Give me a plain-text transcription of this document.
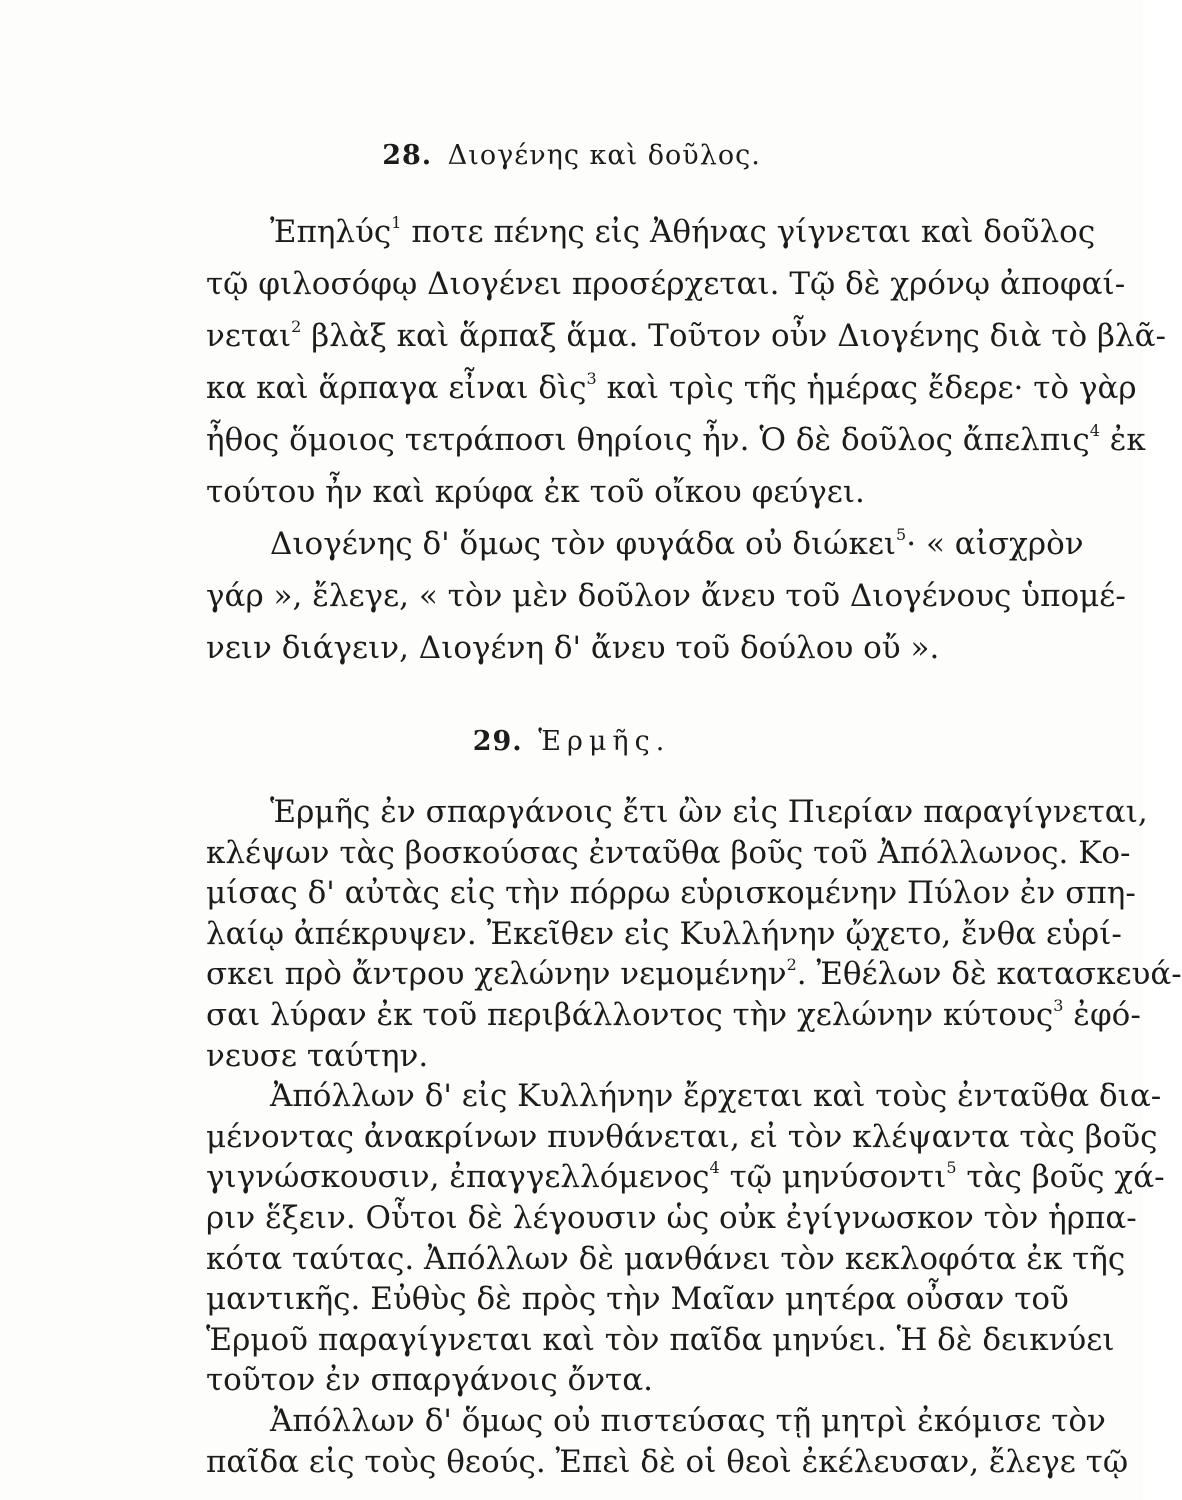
28. Διογένης καὶ δοῦλος.
Ἐπηλύς$^1$ ποτε πένης εἰς Ἀθήνας γίγνεται καὶ δοῦλος
τῷ φιλοσόφῳ Διογένει προσέρχεται. Τῷ δὲ χρόνῳ ἀποφαί-
νεται$^2$ βλὰξ καὶ ἅρπαξ ἅμα. Τοῦτον οὖν Διογένης διὰ τὸ βλᾶ-
κα καὶ ἅρπαγα εἶναι δὶς$^3$ καὶ τρὶς τῆς ἡμέρας ἔδερε· τὸ γὰρ
ἦθος ὅμοιος τετράποσι θηρίοις ἦν. Ὁ δὲ δοῦλος ἄπελπις$^4$ ἐκ
τούτου ἦν καὶ κρύφα ἐκ τοῦ οἴκου φεύγει.
Διογένης δ' ὅμως τὸν φυγάδα οὐ διώκει$^5$· « αἰσχρὸν
γάρ », ἔλεγε, « τὸν μὲν δοῦλον ἄνευ τοῦ Διογένους ὑπομέ-
νειν διάγειν, Διογένη δ' ἄνευ τοῦ δούλου οὔ ».
29. Ἑρμῆς.
Ἑρμῆς ἐν σπαργάνοις ἔτι ὢν εἰς Πιερίαν παραγίγνεται,
κλέψων τὰς βοσκούσας ἐνταῦθα βοῦς τοῦ Ἀπόλλωνος. Κο-
μίσας δ' αὐτὰς εἰς τὴν πόρρω εὑρισκομένην Πύλον ἐν σπη-
λαίῳ ἀπέκρυψεν. Ἐκεῖθεν εἰς Κυλλήνην ᾤχετο, ἔνθα εὑρί-
σκει πρὸ ἄντρου χελώνην νεμομένην$^2$. Ἐθέλων δὲ κατασκευά-
σαι λύραν ἐκ τοῦ περιβάλλοντος τὴν χελώνην κύτους$^3$ ἐφό-
νευσε ταύτην.
Ἀπόλλων δ' εἰς Κυλλήνην ἔρχεται καὶ τοὺς ἐνταῦθα δια-
μένοντας ἀνακρίνων πυνθάνεται, εἰ τὸν κλέψαντα τὰς βοῦς
γιγνώσκουσιν, ἐπαγγελλόμενος$^4$ τῷ μηνύσοντι$^5$ τὰς βοῦς χά-
ριν ἕξειν. Οὗτοι δὲ λέγουσιν ὡς οὐκ ἐγίγνωσκον τὸν ἡρπα-
κότα ταύτας. Ἀπόλλων δὲ μανθάνει τὸν κεκλοφότα ἐκ τῆς
μαντικῆς. Εὐθὺς δὲ πρὸς τὴν Μαῖαν μητέρα οὖσαν τοῦ
Ἑρμοῦ παραγίγνεται καὶ τὸν παῖδα μηνύει. Ἡ δὲ δεικνύει
τοῦτον ἐν σπαργάνοις ὄντα.
Ἀπόλλων δ' ὅμως οὐ πιστεύσας τῇ μητρὶ ἐκόμισε τὸν
παῖδα εἰς τοὺς θεούς. Ἐπεὶ δὲ οἱ θεοὶ ἐκέλευσαν, ἔλεγε τῷ
